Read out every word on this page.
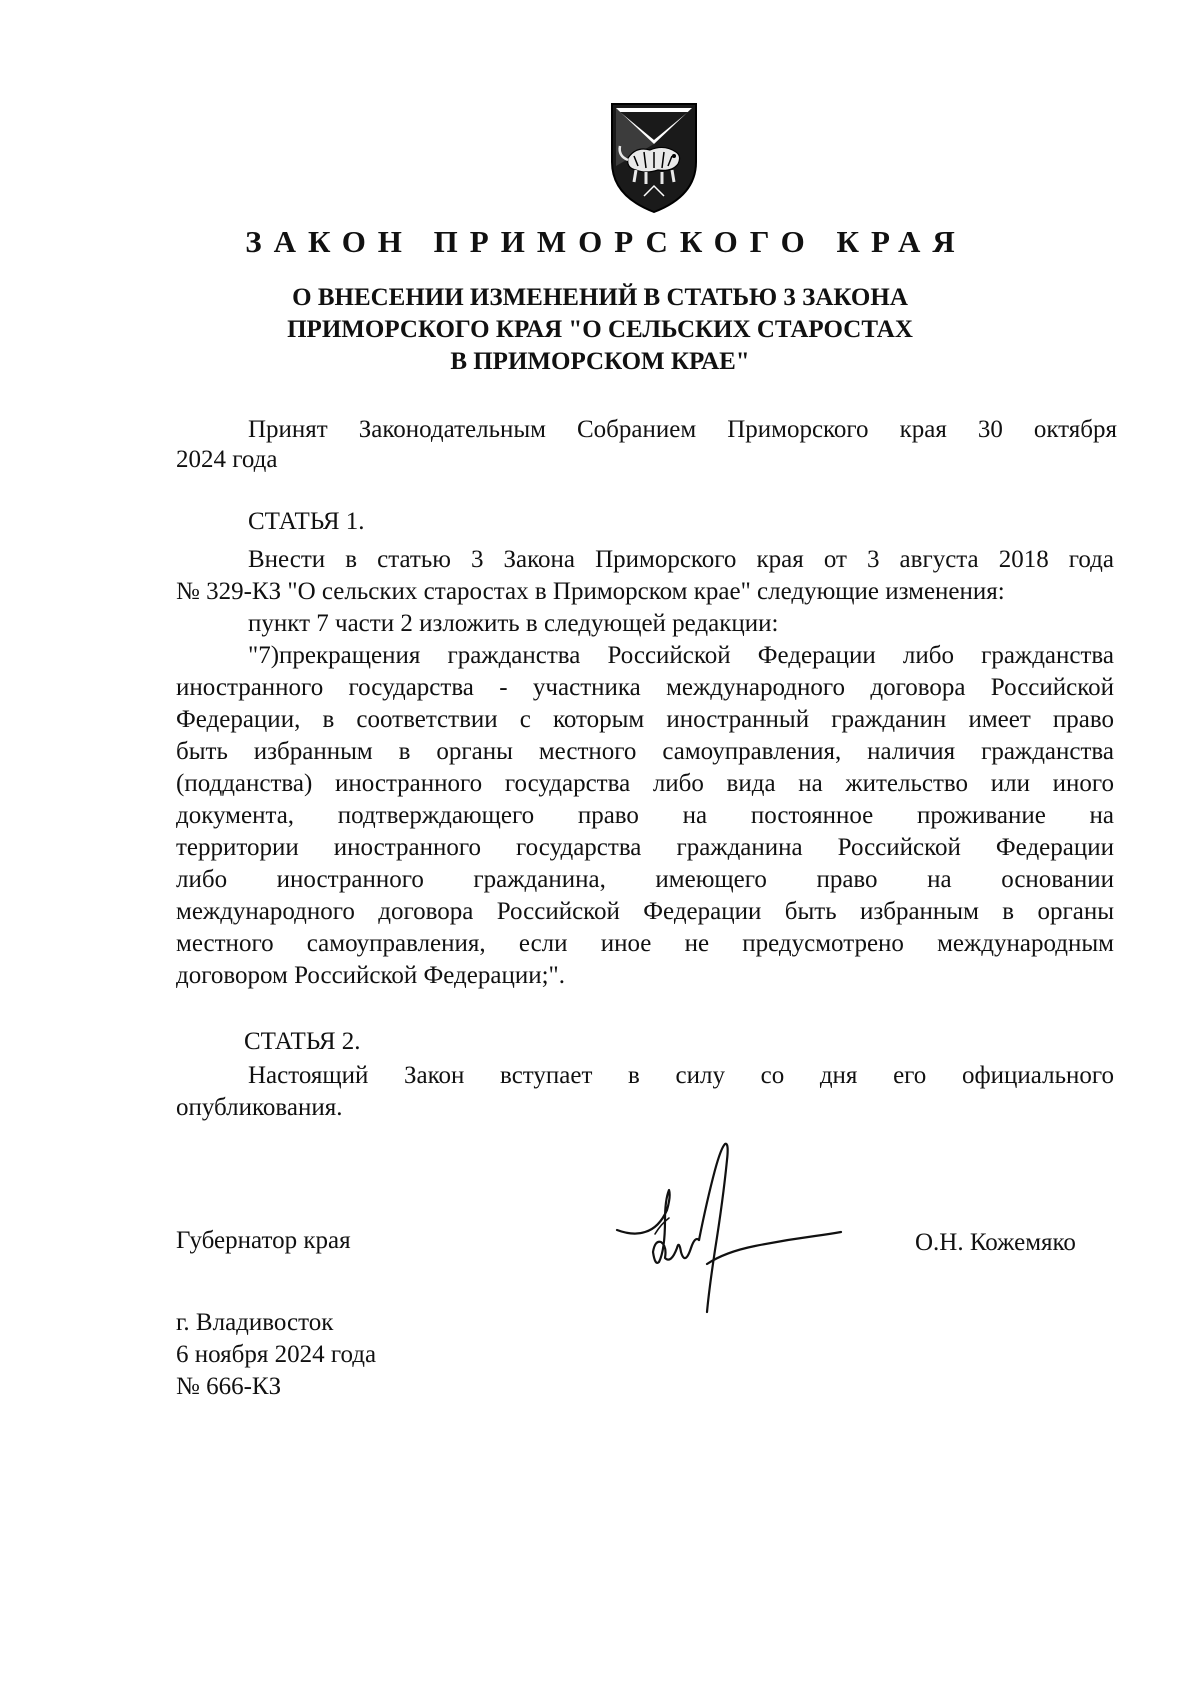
ЗАКОН ПРИМОРСКОГО КРАЯ
О ВНЕСЕНИИ ИЗМЕНЕНИЙ В СТАТЬЮ 3 ЗАКОНА
ПРИМОРСКОГО КРАЯ "О СЕЛЬСКИХ СТАРОСТАХ
В ПРИМОРСКОМ КРАЕ"
Принят Законодательным Собранием Приморского края 30 октября
2024 года
СТАТЬЯ 1.
Внести в статью 3 Закона Приморского края от 3 августа 2018 года
№ 329-КЗ "О сельских старостах в Приморском крае" следующие изменения:
пункт 7 части 2 изложить в следующей редакции:
"7)прекращения гражданства Российской Федерации либо гражданства
иностранного государства - участника международного договора Российской
Федерации, в соответствии с которым иностранный гражданин имеет право
быть избранным в органы местного самоуправления, наличия гражданства
(подданства) иностранного государства либо вида на жительство или иного
документа, подтверждающего право на постоянное проживание на
территории иностранного государства гражданина Российской Федерации
либо иностранного гражданина, имеющего право на основании
международного договора Российской Федерации быть избранным в органы
местного самоуправления, если иное не предусмотрено международным
договором Российской Федерации;".
СТАТЬЯ 2.
Настоящий Закон вступает в силу со дня его официального
опубликования.
Губернатор края	О.Н. Кожемяко
г. Владивосток
6 ноября 2024 года
№ 666-КЗ
